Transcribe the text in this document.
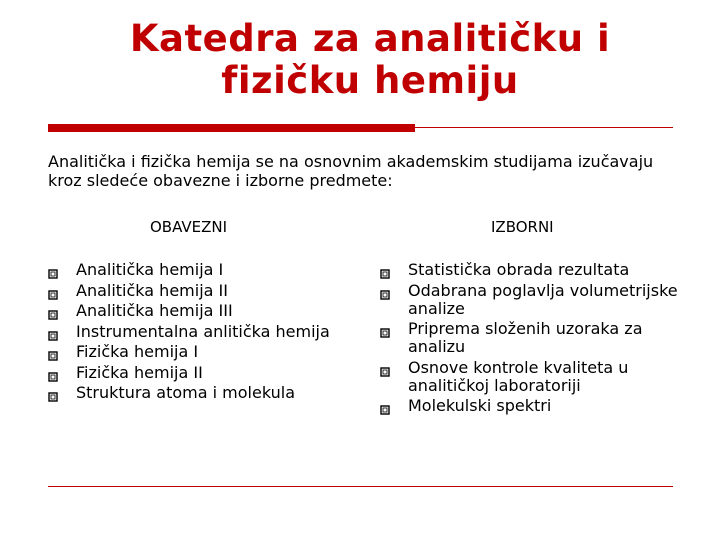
Katedra za analitičku i
fizičku hemiju
Analitička i fizička hemija se na osnovnim akademskim studijama izučavaju kroz sledeće obavezne i izborne predmete:
OBAVEZNI	IZBORNI
Analitička hemija I
Analitička hemija II
Analitička hemija III
Instrumentalna anlitička hemija
Fizička hemija I
Fizička hemija II
Struktura atoma i molekula
Statistička obrada rezultata
Odabrana poglavlja volumetrijske analize
Priprema složenih uzoraka za analizu
Osnove kontrole kvaliteta u analitičkoj laboratoriji
Molekulski spektri
